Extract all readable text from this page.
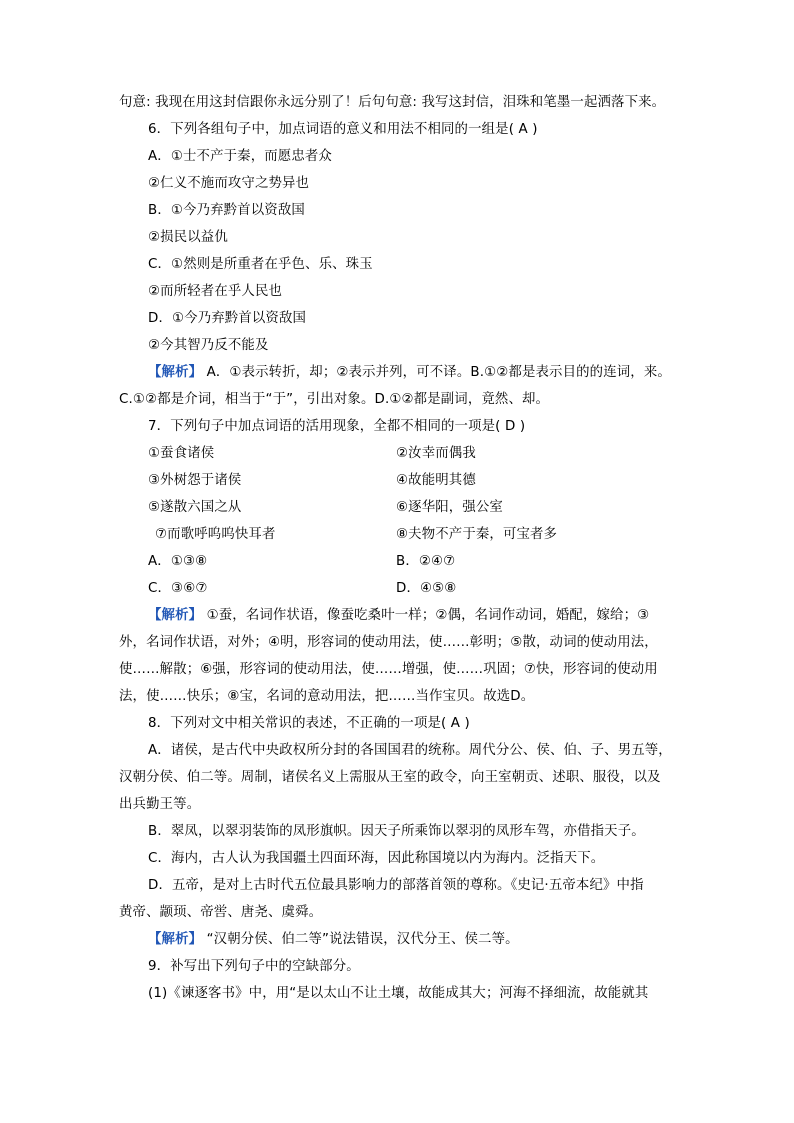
句意: 我现在用这封信跟你永远分别了！后句句意: 我写这封信，泪珠和笔墨一起洒落下来。
6．下列各组句子中，加点词语的意义和用法不相同的一组是( A )
A．①士不产于秦，而愿忠者众
②仁义不施而攻守之势异也
B．①今乃弃黔首以资敌国
②损民以益仇
C．①然则是所重者在乎色、乐、珠玉
②而所轻者在乎人民也
D．①今乃弃黔首以资敌国
②今其智乃反不能及
【解析】 A．①表示转折，却；②表示并列，可不译。B.①②都是表示目的的连词，来。
C.①②都是介词，相当于“于”，引出对象。D.①②都是副词，竟然、却。
7．下列句子中加点词语的活用现象，全都不相同的一项是( D )
①蚕食诸侯	②汝幸而偶我
③外树怨于诸侯	④故能明其德
⑤遂散六国之从	⑥逐华阳，强公室
⑦而歌呼呜呜快耳者	⑧夫物不产于秦，可宝者多
A．①③⑧	B．②④⑦
C．③⑥⑦	D．④⑤⑧
【解析】 ①蚕，名词作状语，像蚕吃桑叶一样；②偶，名词作动词，婚配，嫁给；③
外，名词作状语，对外；④明，形容词的使动用法，使……彰明；⑤散，动词的使动用法，
使……解散；⑥强，形容词的使动用法，使……增强，使……巩固；⑦快，形容词的使动用
法，使……快乐；⑧宝，名词的意动用法，把……当作宝贝。故选D。
8．下列对文中相关常识的表述，不正确的一项是( A )
A．诸侯，是古代中央政权所分封的各国国君的统称。周代分公、侯、伯、子、男五等，
汉朝分侯、伯二等。周制，诸侯名义上需服从王室的政令，向王室朝贡、述职、服役，以及
出兵勤王等。
B．翠凤，以翠羽装饰的凤形旗帜。因天子所乘饰以翠羽的凤形车驾，亦借指天子。
C．海内，古人认为我国疆土四面环海，因此称国境以内为海内。泛指天下。
D．五帝，是对上古时代五位最具影响力的部落首领的尊称。《史记·五帝本纪》中指
黄帝、颛顼、帝喾、唐尧、虞舜。
【解析】 “汉朝分侯、伯二等”说法错误，汉代分王、侯二等。
9．补写出下列句子中的空缺部分。
(1)《谏逐客书》中，用“是以太山不让土壤，故能成其大；河海不择细流，故能就其
